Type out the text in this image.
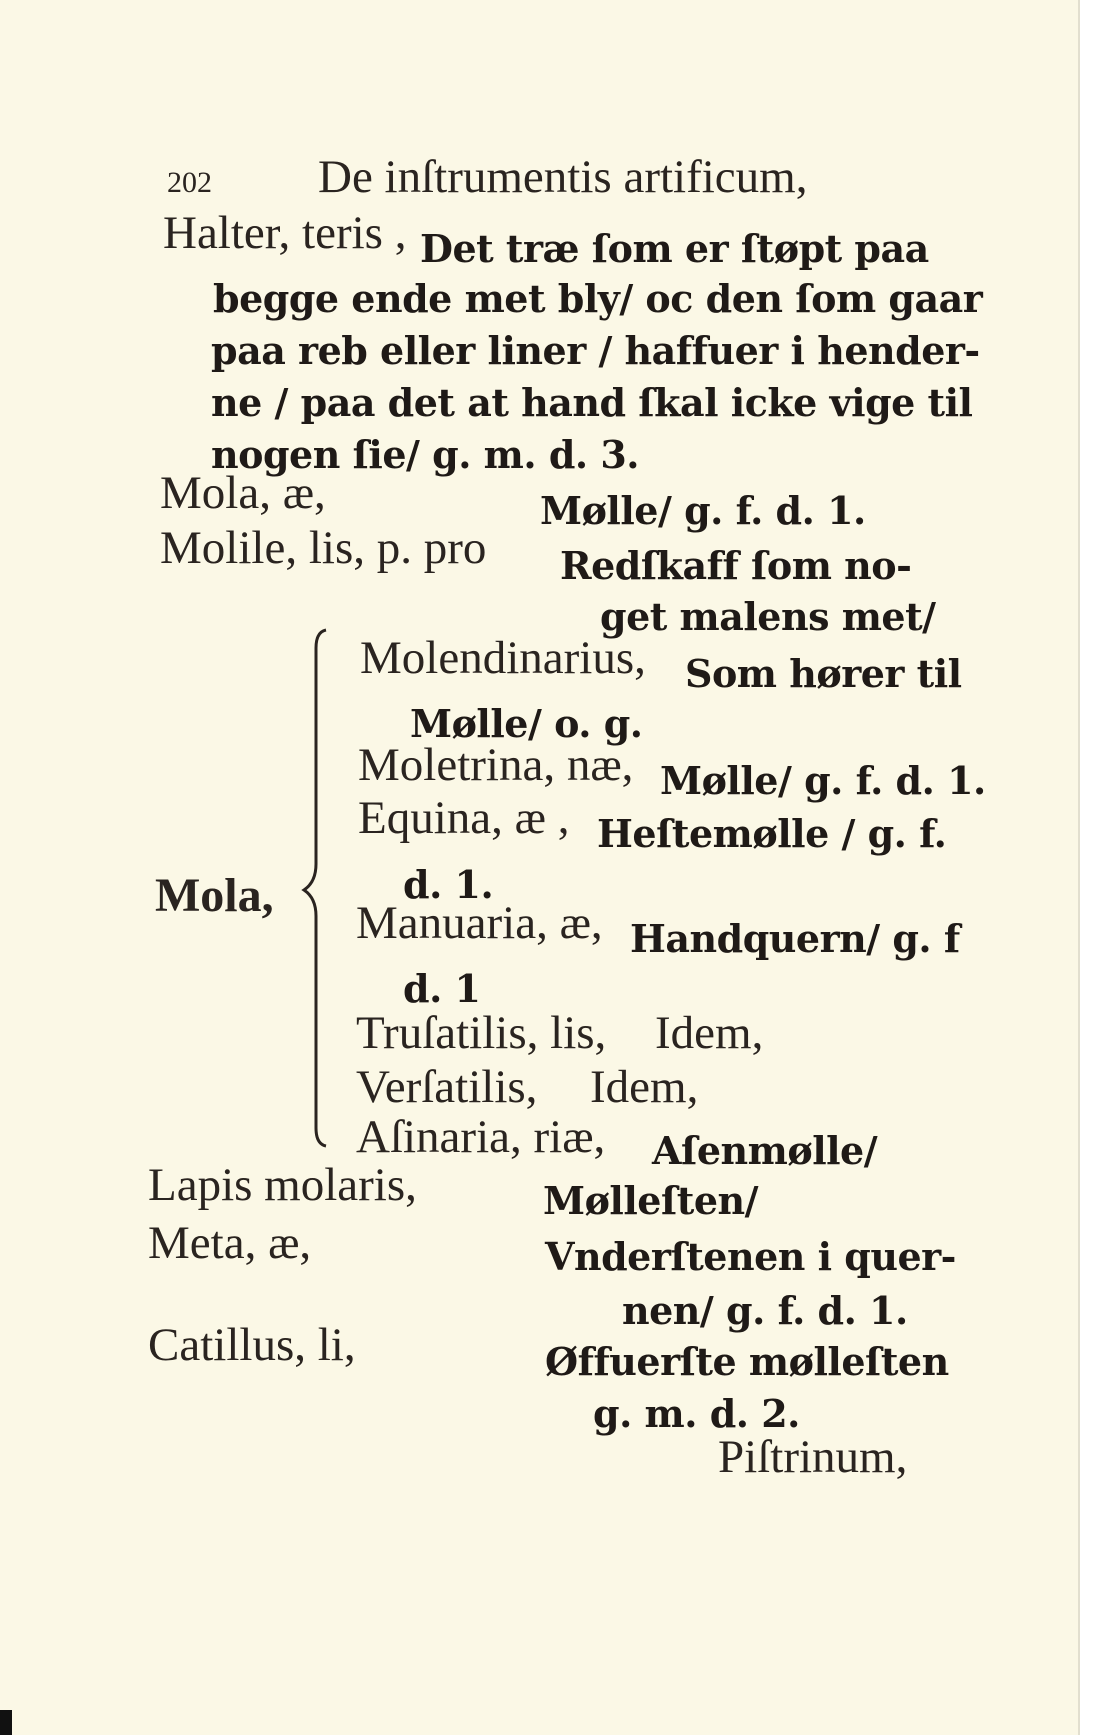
202 De inſtrumentis artificum,
Halter, teris , Det træ ſom er ſtøpt paa
begge ende met bly/ oc den ſom gaar
paa reb eller liner / haffuer i hender-
ne / paa det at hand ſkal icke vige til
nogen ſie/ g. m. d. 3.
Mola, æ,	Mølle/ g. f. d. 1.
Molile, lis, p. pro Redſkaff ſom no-
get malens met/
Mola,
Molendinarius, Som hører til
Mølle/ o. g.
Moletrina, næ, Mølle/ g. f. d. 1.
Equina, æ , Heſtemølle / g. f.
d. 1.
Manuaria, æ, Handquern/ g. f
d. 1
Truſatilis, lis, Idem,
Verſatilis, Idem,
Aſinaria, riæ, Aſenmølle/
Lapis molaris,	Mølleſten/
Meta, æ,	Vnderſtenen i quer-
nen/ g. f. d. 1.
Catillus, li,	Øffuerſte mølleſten
g. m. d. 2.
Piſtrinum,
